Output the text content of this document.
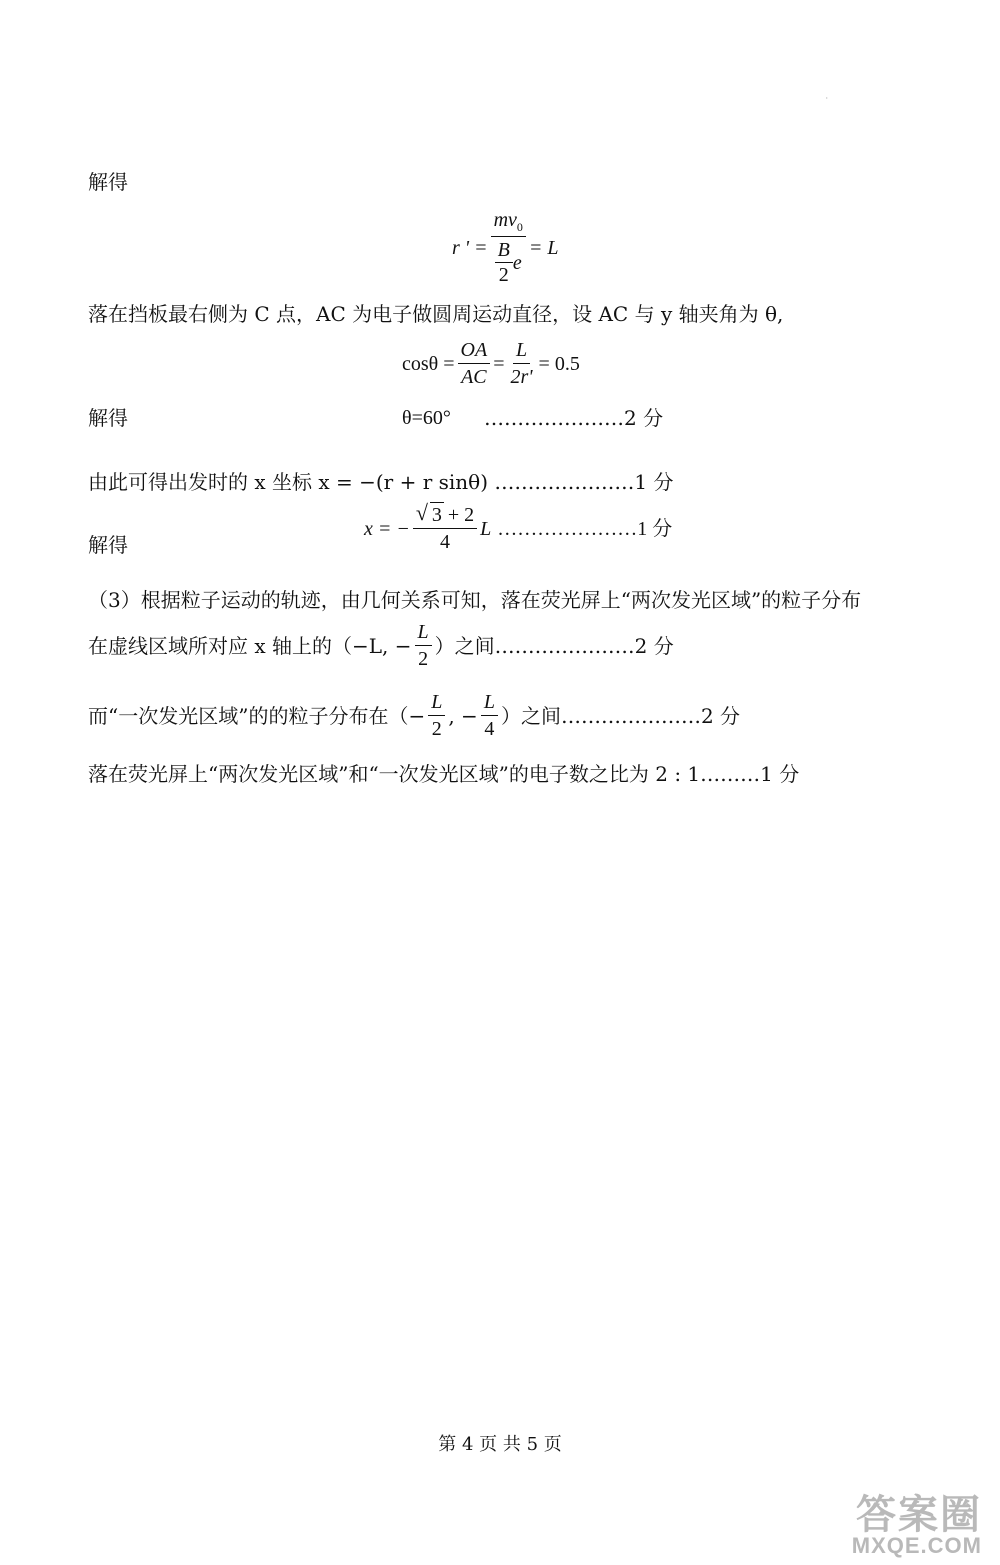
·
解得
r ' = $\frac{mv_0}{\frac{B}{2} e} = L$
落在挡板最右侧为 C 点，AC 为电子做圆周运动直径，设 AC 与 y 轴夹角为 θ,
$\cos\theta = \frac{OA}{AC} = \frac{L}{2r'} = 0.5$
解得	θ=60° …………………2 分
由此可得出发时的 x 坐标 x = −(r + r sinθ) …………………1 分
解得
x = − $\frac{√ 3 + 2}{4}$ L …………………1 分
（3）根据粒子运动的轨迹，由几何关系可知，落在荧光屏上“两次发光区域”的粒子分布
在虚线区域所对应 x 轴上的（−L, − $\frac{L}{2}$ ）之间…………………2 分
而“一次发光区域”的的粒子分布在（− $\frac{L}{2}$ , − $\frac{L}{4}$ ）之间…………………2 分
落在荧光屏上“两次发光区域”和“一次发光区域”的电子数之比为 2 : 1………1 分
第 4 页 共 5 页
答案圈
MXQE.COM
